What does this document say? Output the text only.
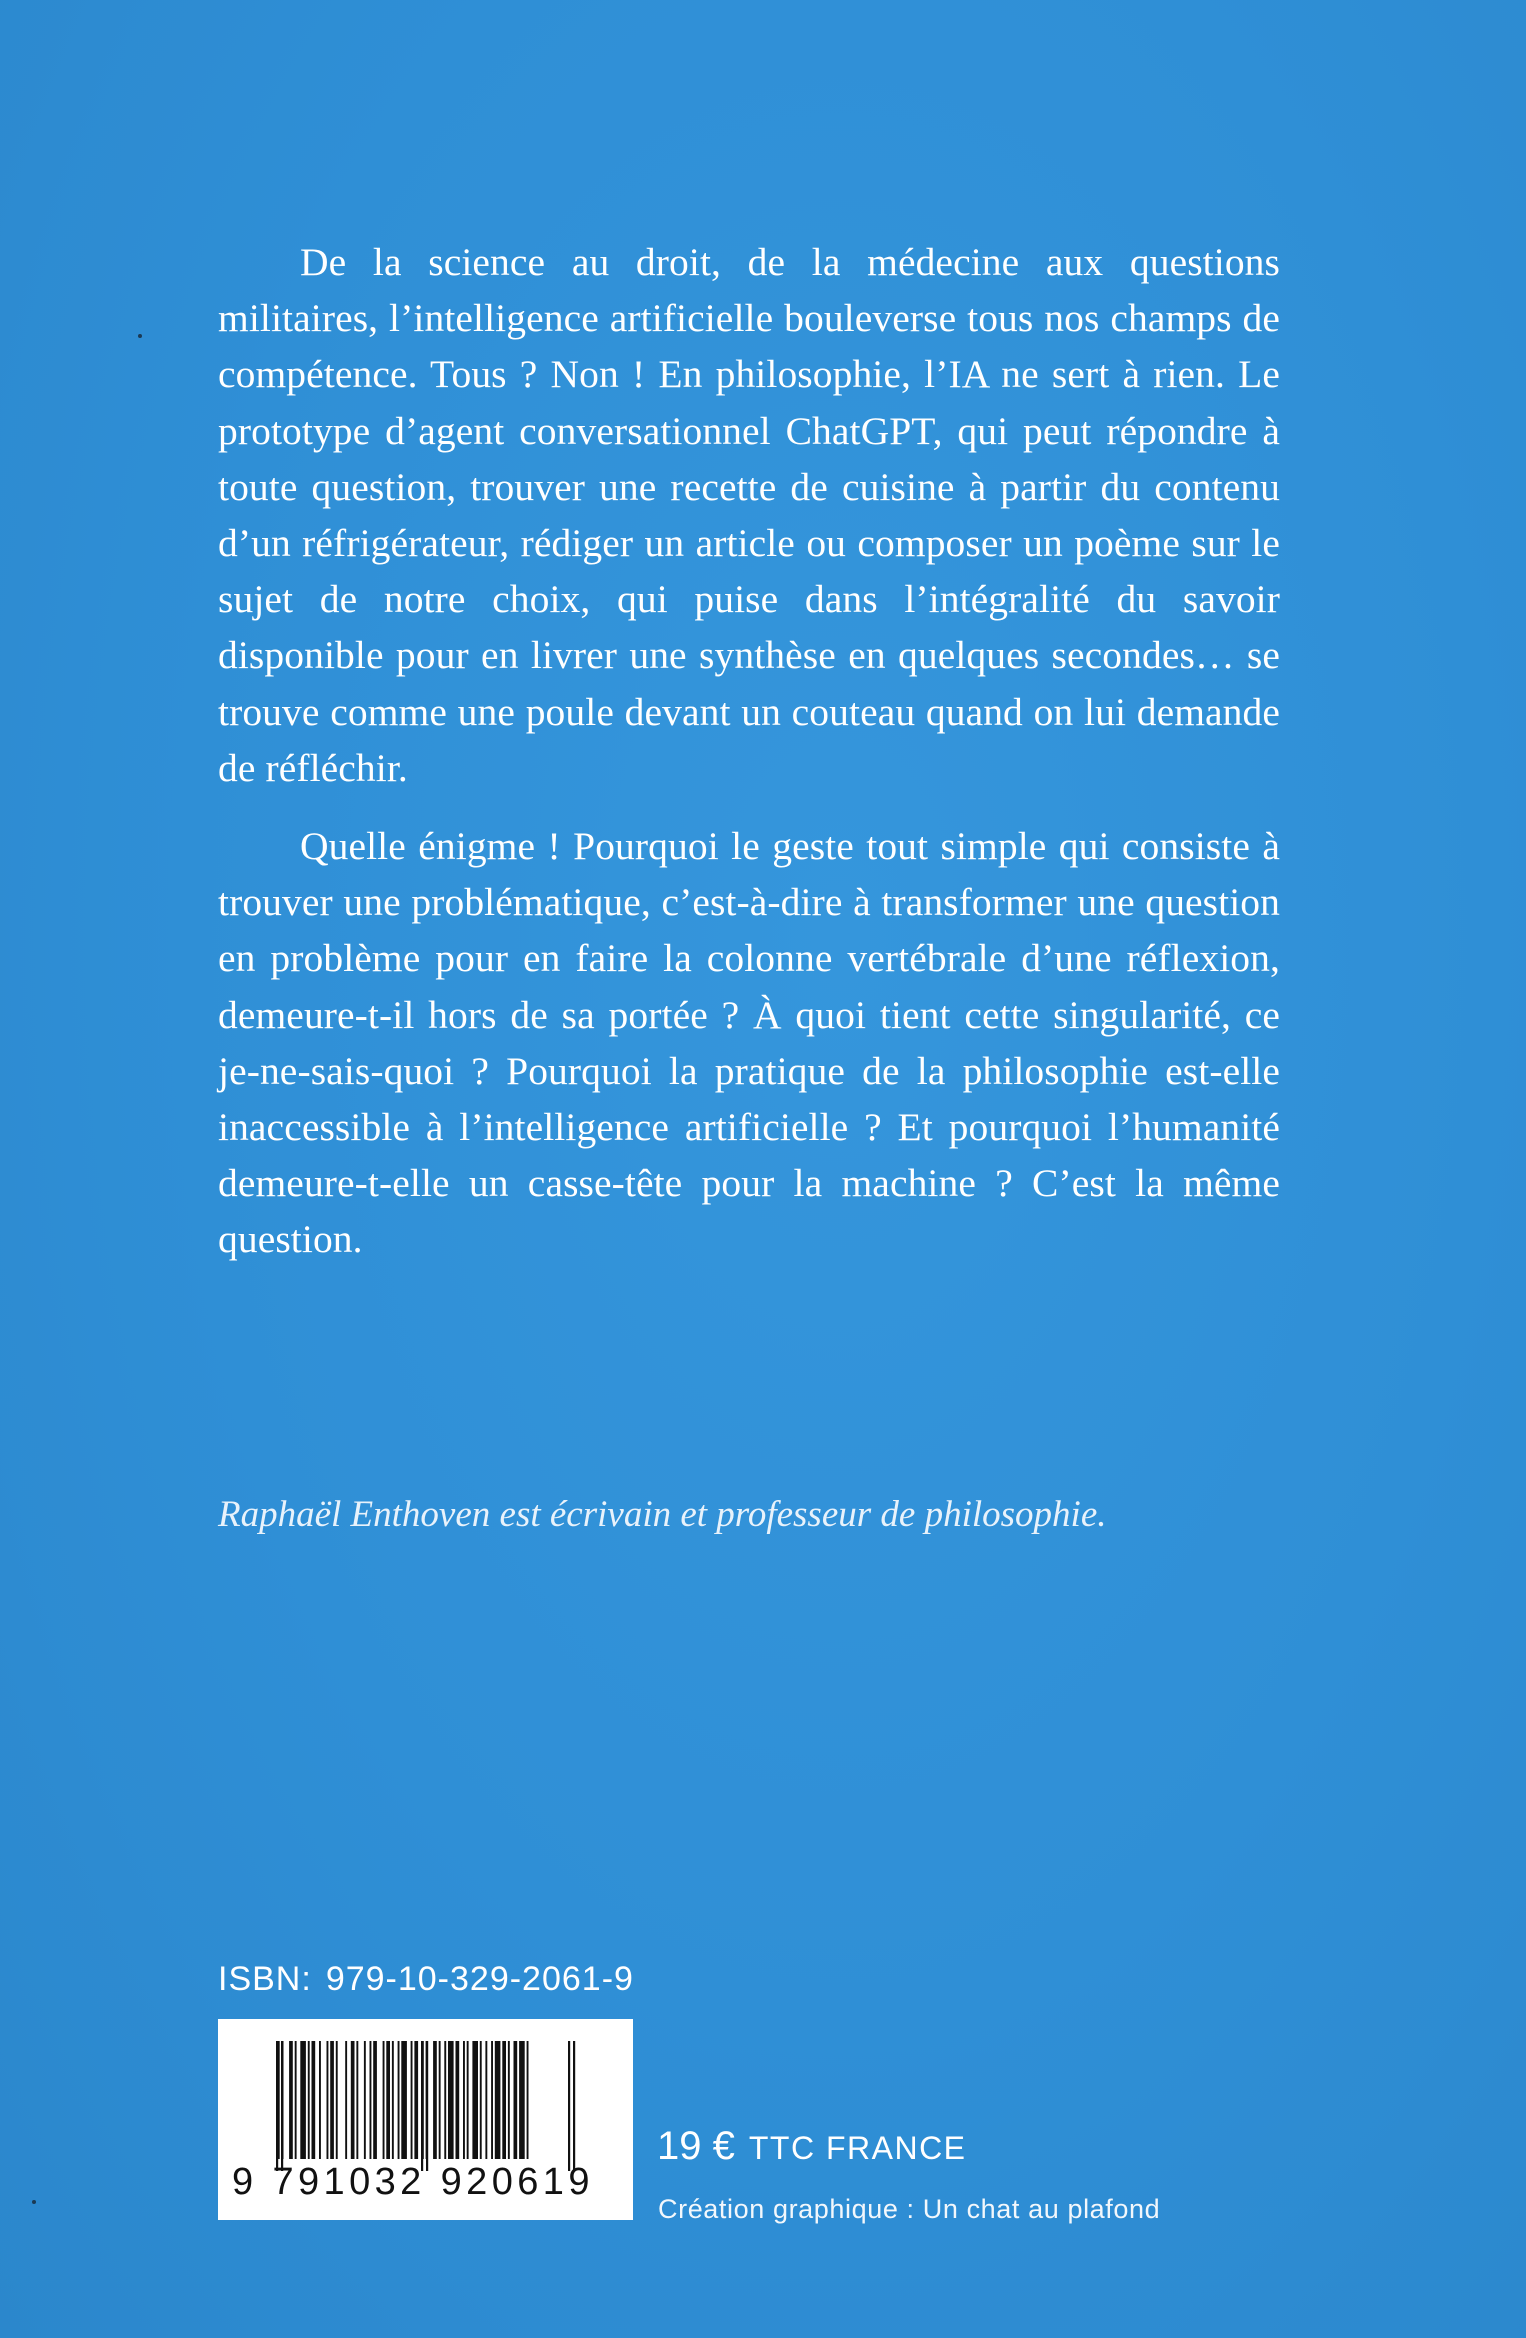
De la science au droit, de la médecine aux questions militaires, l’intelligence artificielle bouleverse tous nos champs de compétence. Tous ? Non ! En philosophie, l’IA ne sert à rien. Le prototype d’agent conversationnel ChatGPT, qui peut répondre à toute question, trouver une recette de cuisine à partir du contenu d’un réfrigérateur, rédiger un article ou composer un poème sur le sujet de notre choix, qui puise dans l’intégralité du savoir disponible pour en livrer une synthèse en quelques secondes… se trouve comme une poule devant un couteau quand on lui demande de réfléchir.

Quelle énigme ! Pourquoi le geste tout simple qui consiste à trouver une problématique, c’est-à-dire à transformer une question en problème pour en faire la colonne vertébrale d’une réflexion, demeure-t-il hors de sa portée ? À quoi tient cette singularité, ce je-ne-sais-quoi ? Pourquoi la pratique de la philosophie est-elle inaccessible à l’intelligence artificielle ? Et pourquoi l’humanité demeure-t-elle un casse-tête pour la machine ? C’est la même question.

Raphaël Enthoven est écrivain et professeur de philosophie.
ISBN: 979-10-329-2061-9
9 791032 920619
19 € TTC FRANCE
Création graphique : Un chat au plafond
